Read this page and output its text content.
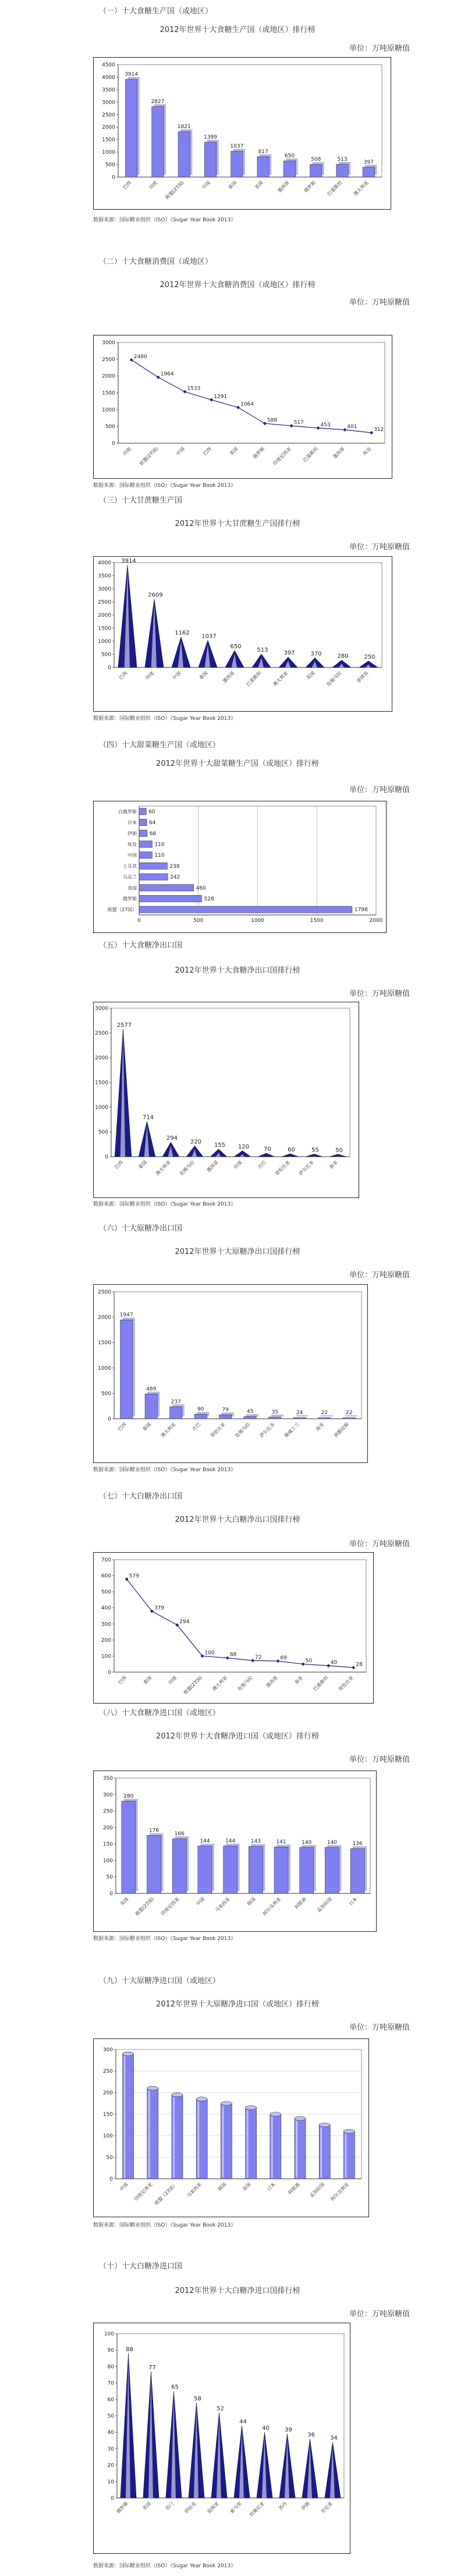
（一）十大食糖生产国（或地区）
2012年世界十大食糖生产国（或地区）排行榜
单位：万吨原糖值
0
500
1000
1500
2000
2500
3000
3500
4000
4500
3914
2827
1821
1399
1037
817
650
508	513	397
巴西	印度 欧盟(27国)	中国	泰国	美国	墨西哥	俄罗斯 巴基斯坦 澳大利亚
数据来源：国际糖业组织（ISO）《Sugar Year Book 2013》
（二）十大食糖消费国（或地区）
2012年世界十大食糖消费国（或地区）排行榜
单位：万吨原糖值
0
500
1000
1500
2000
2500
3000
2480
1964
1533
1291
1064
588	517	453	401
312
印度 欧盟(27国)	中国	巴西	美国	俄罗斯 印度尼西亚 巴基斯坦	墨西哥	埃及
数据来源：国际糖业组织（ISO）《Sugar Year Book 2013》
（三）十大甘蔗糖生产国
2012年世界十大甘蔗糖生产国排行榜
单位：万吨原糖值
0
500
1000
1500
2000
2500
3000
3500
4000 3914
2609
1162
1037
650
513	397	370	280	250
巴西	印度	中国	泰国	墨西哥 巴基斯坦 澳大利亚	美国 危地马拉	菲律宾
数据来源：国际糖业组织（ISO）《Sugar Year Book 2013》
（四）十大甜菜糖生产国（或地区）
2012年世界十大甜菜糖生产国（或地区）排行榜
单位：万吨原糖值
0	500	1000	1500	2000
1798
欧盟（27国）
528
俄罗斯
460
美国
242
乌克兰
238
土耳其
110
中国
110
埃及
68
伊朗
64
日本
60
白俄罗斯
（五）十大食糖净出口国
2012年世界十大食糖净出口国排行榜
单位：万吨原糖值
0
500
1000
1500
2000
2500
3000
2577
714
294
220
155 120	70	60	55	50
巴西	泰国 澳大利亚 危地马拉 墨西哥	印度	古巴 哥伦比亚 萨尔瓦多	南非
数据来源：国际糖业组织（ISO）《Sugar Year Book 2013》
（六）十大原糖净出口国
2012年世界十大原糖净出口国排行榜
单位：万吨原糖值
0
500
1000
1500
2000
2500
1947
489
237
90	79	45	35	24	22	22
巴西	泰国 澳大利亚	古巴 哥伦比亚 危地马拉 萨尔瓦多 斯威士兰	南非 洪都拉斯
数据来源：国际糖业组织（ISO）《Sugar Year Book 2013》
（七）十大白糖净出口国
2012年世界十大白糖净出口国排行榜
单位：万吨原糖值
0
100
200
300
400
500
600
700
579
379
294
100	88	72	69
50	40	28
巴西	泰国	印度 欧盟(27国) 澳大利亚 危地马拉 墨西哥	南非 巴基斯坦 哥伦比亚
（八）十大食糖净进口国（或地区）
2012年世界十大食糖净进口国（或地区）排行榜
单位：万吨原糖值
0
50
100
150
200
250
300
350
280
176
166
144	144	143	141	140	140	136
美国 欧盟(27国) 印度尼西亚	中国 马来西亚	韩国 阿尔及利亚	阿联酋 孟加拉国	日本
数据来源：国际糖业组织（ISO）《Sugar Year Book 2013》
（九）十大原糖净进口国（或地区）
2012年世界十大原糖净进口国（或地区）排行榜
单位：万吨原糖值
0
50
100
150
200
250
300
中国 印度尼西亚 欧盟（27国） 马来西亚	韩国	美国	日本 阿联酋 孟加拉国 阿尔及利亚
数据来源：国际糖业组织（ISO）《Sugar Year Book 2013》
（十）十大白糖净进口国
2012年世界十大白糖净进口国排行榜
单位：万吨原糖值
0
10
20
30
40
50
60
70
80
90
100
88
77
65
58
52
44
40	39
36
34
俄罗斯	美国	也门 伊拉克 叙利亚 索马里 坦桑尼亚	苏丹	伊朗 肯尼亚
数据来源：国际糖业组织（ISO）《Sugar Year Book 2013》
